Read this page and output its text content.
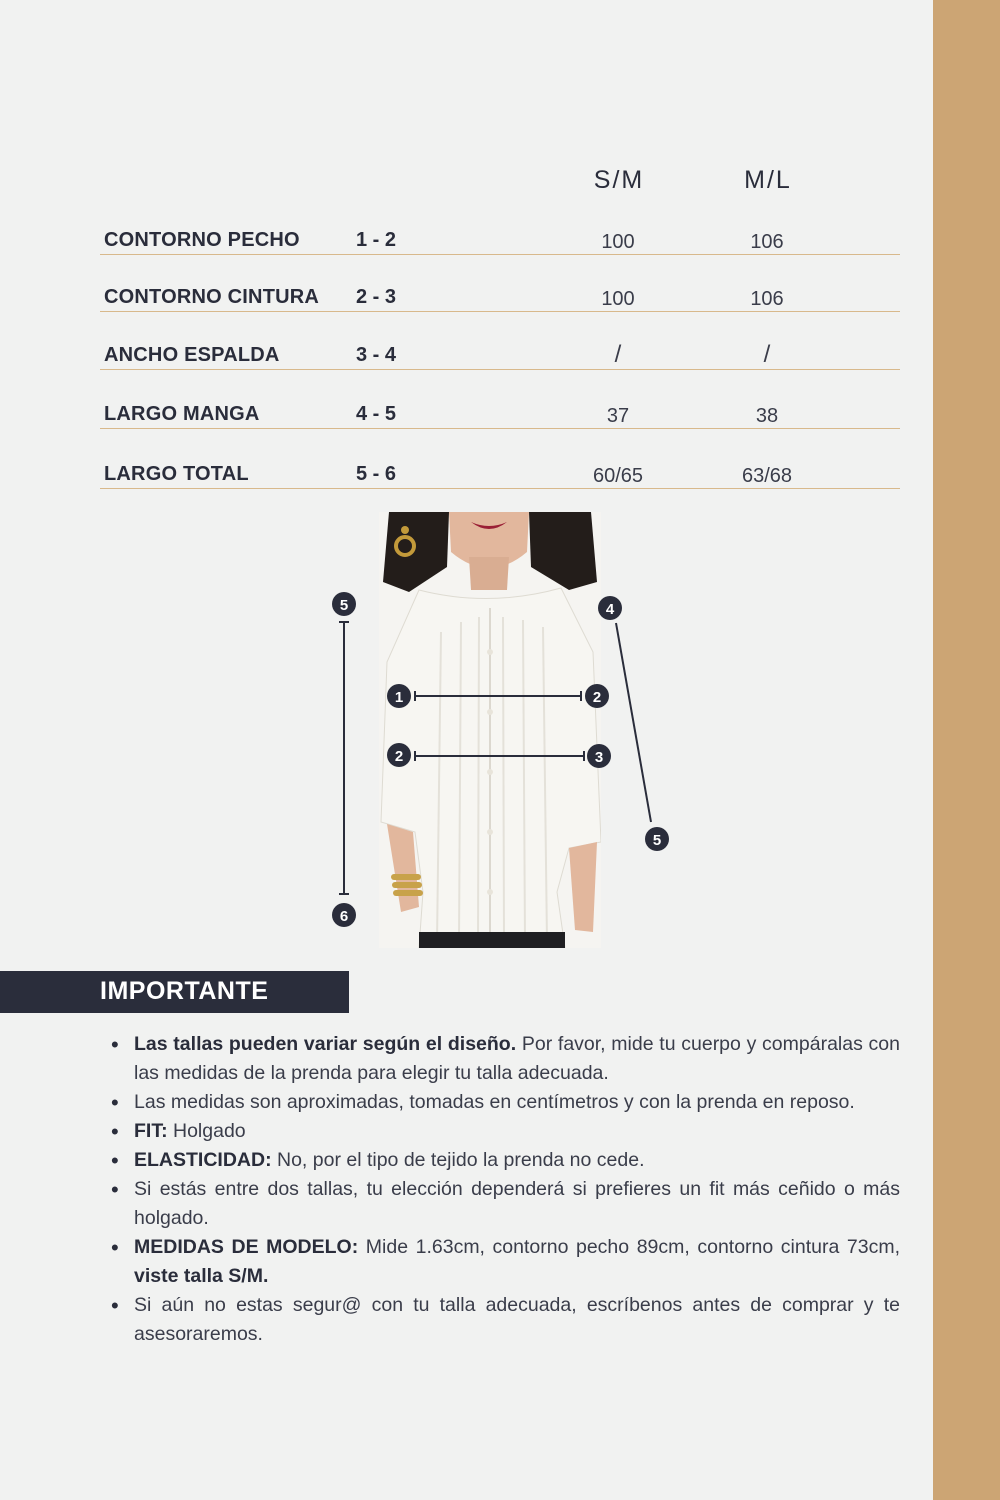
S/M	M/L
CONTORNO PECHO	1 - 2	100	106
CONTORNO CINTURA 2 - 3	100	106
ANCHO ESPALDA	3 - 4	/	/
LARGO MANGA	4 - 5	37	38
LARGO TOTAL	5 - 6	60/65	63/68
5
6
1	2
2	3
4
5
IMPORTANTE
• Las tallas pueden variar según el diseño. Por favor, mide tu cuerpo y compáralas con las medidas de la prenda para elegir tu talla adecuada.
• Las medidas son aproximadas, tomadas en centímetros y con la prenda en reposo.
• FIT: Holgado
• ELASTICIDAD: No, por el tipo de tejido la prenda no cede.
• Si estás entre dos tallas, tu elección dependerá si prefieres un fit más ceñido o más holgado.
• MEDIDAS DE MODELO: Mide 1.63cm, contorno pecho 89cm, contorno cintura 73cm, viste talla S/M.
• Si aún no estas segur@ con tu talla adecuada, escríbenos antes de comprar y te asesoraremos.
